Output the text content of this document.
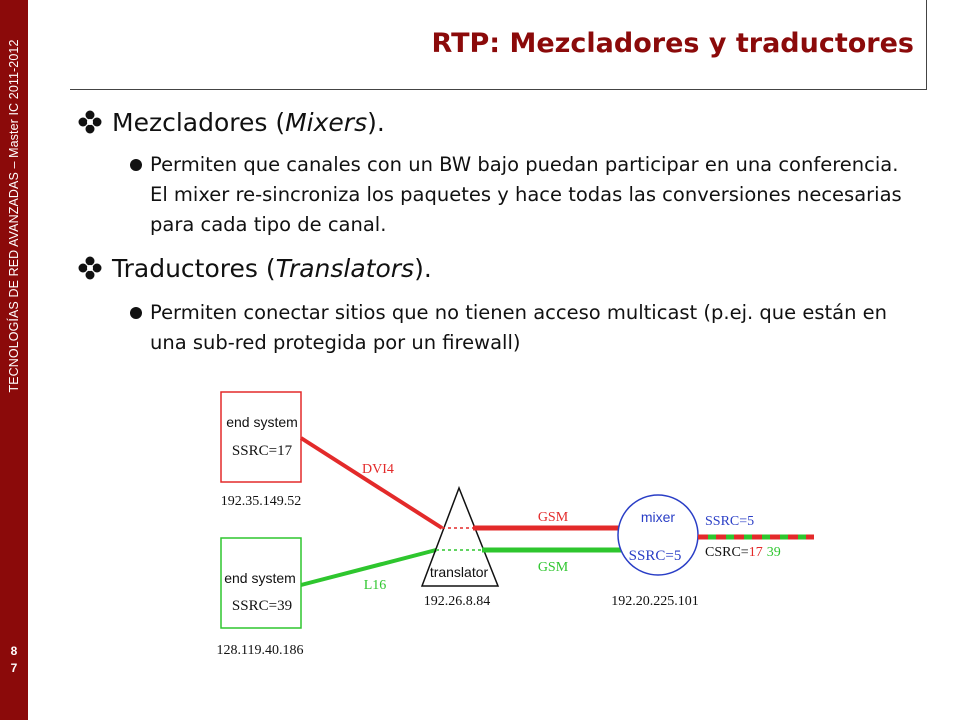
TECNOLOGÍAS DE RED AVANZADAS – Master IC 2011-2012
8
7
RTP: Mezcladores y traductores
Mezcladores (Mixers).

Permiten que canales con un BW bajo puedan participar en una conferencia. El mixer re-sincroniza los paquetes y hace todas las conversiones necesarias para cada tipo de canal.

Traductores (Translators).

Permiten conectar sitios que no tienen acceso multicast (p.ej. que están en una sub-red protegida por un firewall)

end system
SSRC=17
192.35.149.52
end system
SSRC=39
128.119.40.186
DVI4
L16
translator
192.26.8.84
GSM
GSM
mixer
SSRC=5
192.20.225.101
SSRC=5
CSRC=17 39
